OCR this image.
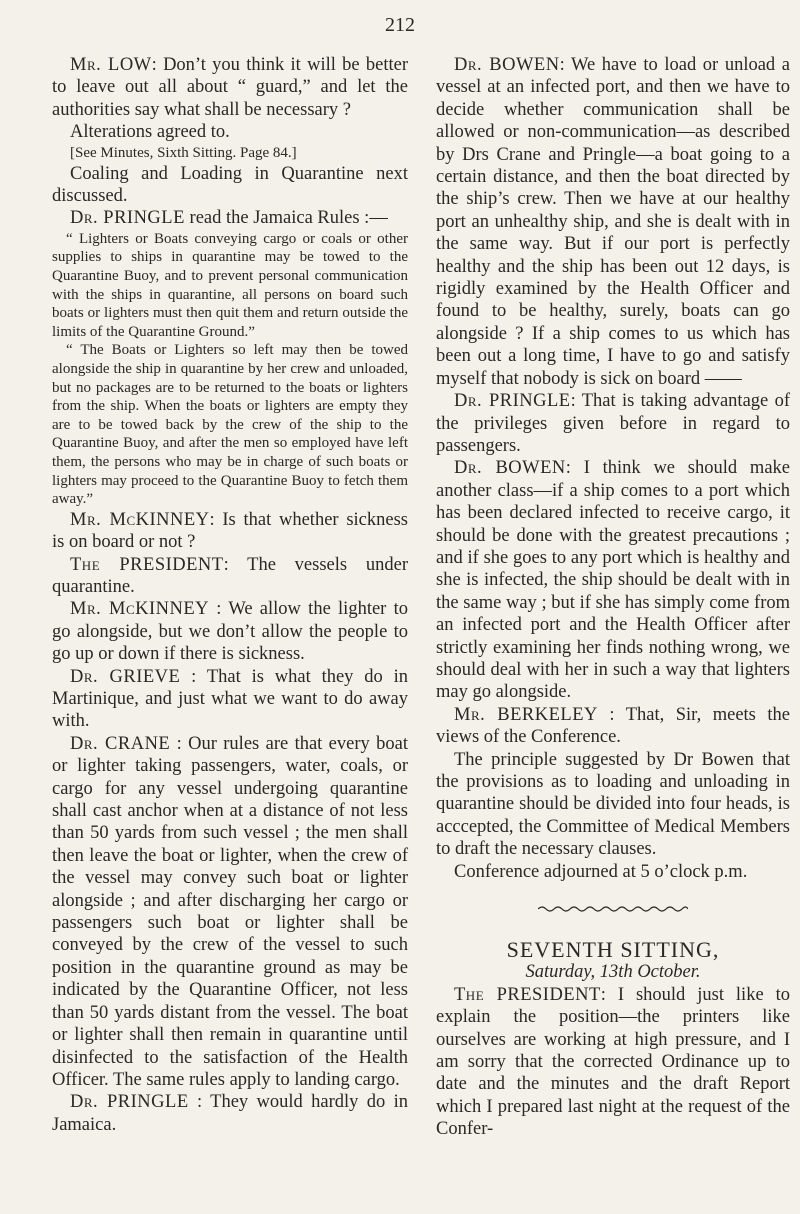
212

Mr. LOW: Don’t you think it will be better to leave out all about “ guard,” and let the authorities say what shall be necessary ?

Alterations agreed to.

[See Minutes, Sixth Sitting. Page 84.]

Coaling and Loading in Quarantine next discussed.

Dr. PRINGLE read the Jamaica Rules :—

“ Lighters or Boats conveying cargo or coals or other supplies to ships in quarantine may be towed to the Quarantine Buoy, and to prevent personal communication with the ships in quarantine, all persons on board such boats or lighters must then quit them and return outside the limits of the Quarantine Ground.”

“ The Boats or Lighters so left may then be towed alongside the ship in quarantine by her crew and unloaded, but no packages are to be returned to the boats or lighters from the ship. When the boats or lighters are empty they are to be towed back by the crew of the ship to the Quarantine Buoy, and after the men so employed have left them, the persons who may be in charge of such boats or lighters may proceed to the Quarantine Buoy to fetch them away.”

Mr. McKINNEY: Is that whether sickness is on board or not ?

The PRESIDENT: The vessels under quarantine.

Mr. McKINNEY : We allow the lighter to go alongside, but we don’t allow the people to go up or down if there is sickness.

Dr. GRIEVE : That is what they do in Martinique, and just what we want to do away with.

Dr. CRANE : Our rules are that every boat or lighter taking passengers, water, coals, or cargo for any vessel undergoing quarantine shall cast anchor when at a distance of not less than 50 yards from such vessel ; the men shall then leave the boat or lighter, when the crew of the vessel may convey such boat or lighter alongside ; and after discharging her cargo or passengers such boat or lighter shall be conveyed by the crew of the vessel to such position in the quarantine ground as may be indicated by the Quarantine Officer, not less than 50 yards distant from the vessel. The boat or lighter shall then remain in quarantine until disinfected to the satisfaction of the Health Officer. The same rules apply to landing cargo.

Dr. PRINGLE : They would hardly do in Jamaica.

Dr. BOWEN: We have to load or unload a vessel at an infected port, and then we have to decide whether communication shall be allowed or non-communication—as described by Drs Crane and Pringle—a boat going to a certain distance, and then the boat directed by the ship’s crew. Then we have at our healthy port an unhealthy ship, and she is dealt with in the same way. But if our port is perfectly healthy and the ship has been out 12 days, is rigidly examined by the Health Officer and found to be healthy, surely, boats can go alongside ? If a ship comes to us which has been out a long time, I have to go and satisfy myself that nobody is sick on board ——

Dr. PRINGLE: That is taking advantage of the privileges given before in regard to passengers.

Dr. BOWEN: I think we should make another class—if a ship comes to a port which has been declared infected to receive cargo, it should be done with the greatest precautions ; and if she goes to any port which is healthy and she is infected, the ship should be dealt with in the same way ; but if she has simply come from an infected port and the Health Officer after strictly examining her finds nothing wrong, we should deal with her in such a way that lighters may go alongside.

Mr. BERKELEY : That, Sir, meets the views of the Conference.

The principle suggested by Dr Bowen that the provisions as to loading and unloading in quarantine should be divided into four heads, is acccepted, the Committee of Medical Members to draft the necessary clauses.

Conference adjourned at 5 o’clock p.m.

SEVENTH SITTING,

Saturday, 13th October.

The PRESIDENT: I should just like to explain the position—the printers like ourselves are working at high pressure, and I am sorry that the corrected Ordinance up to date and the minutes and the draft Report which I prepared last night at the request of the Confer-
